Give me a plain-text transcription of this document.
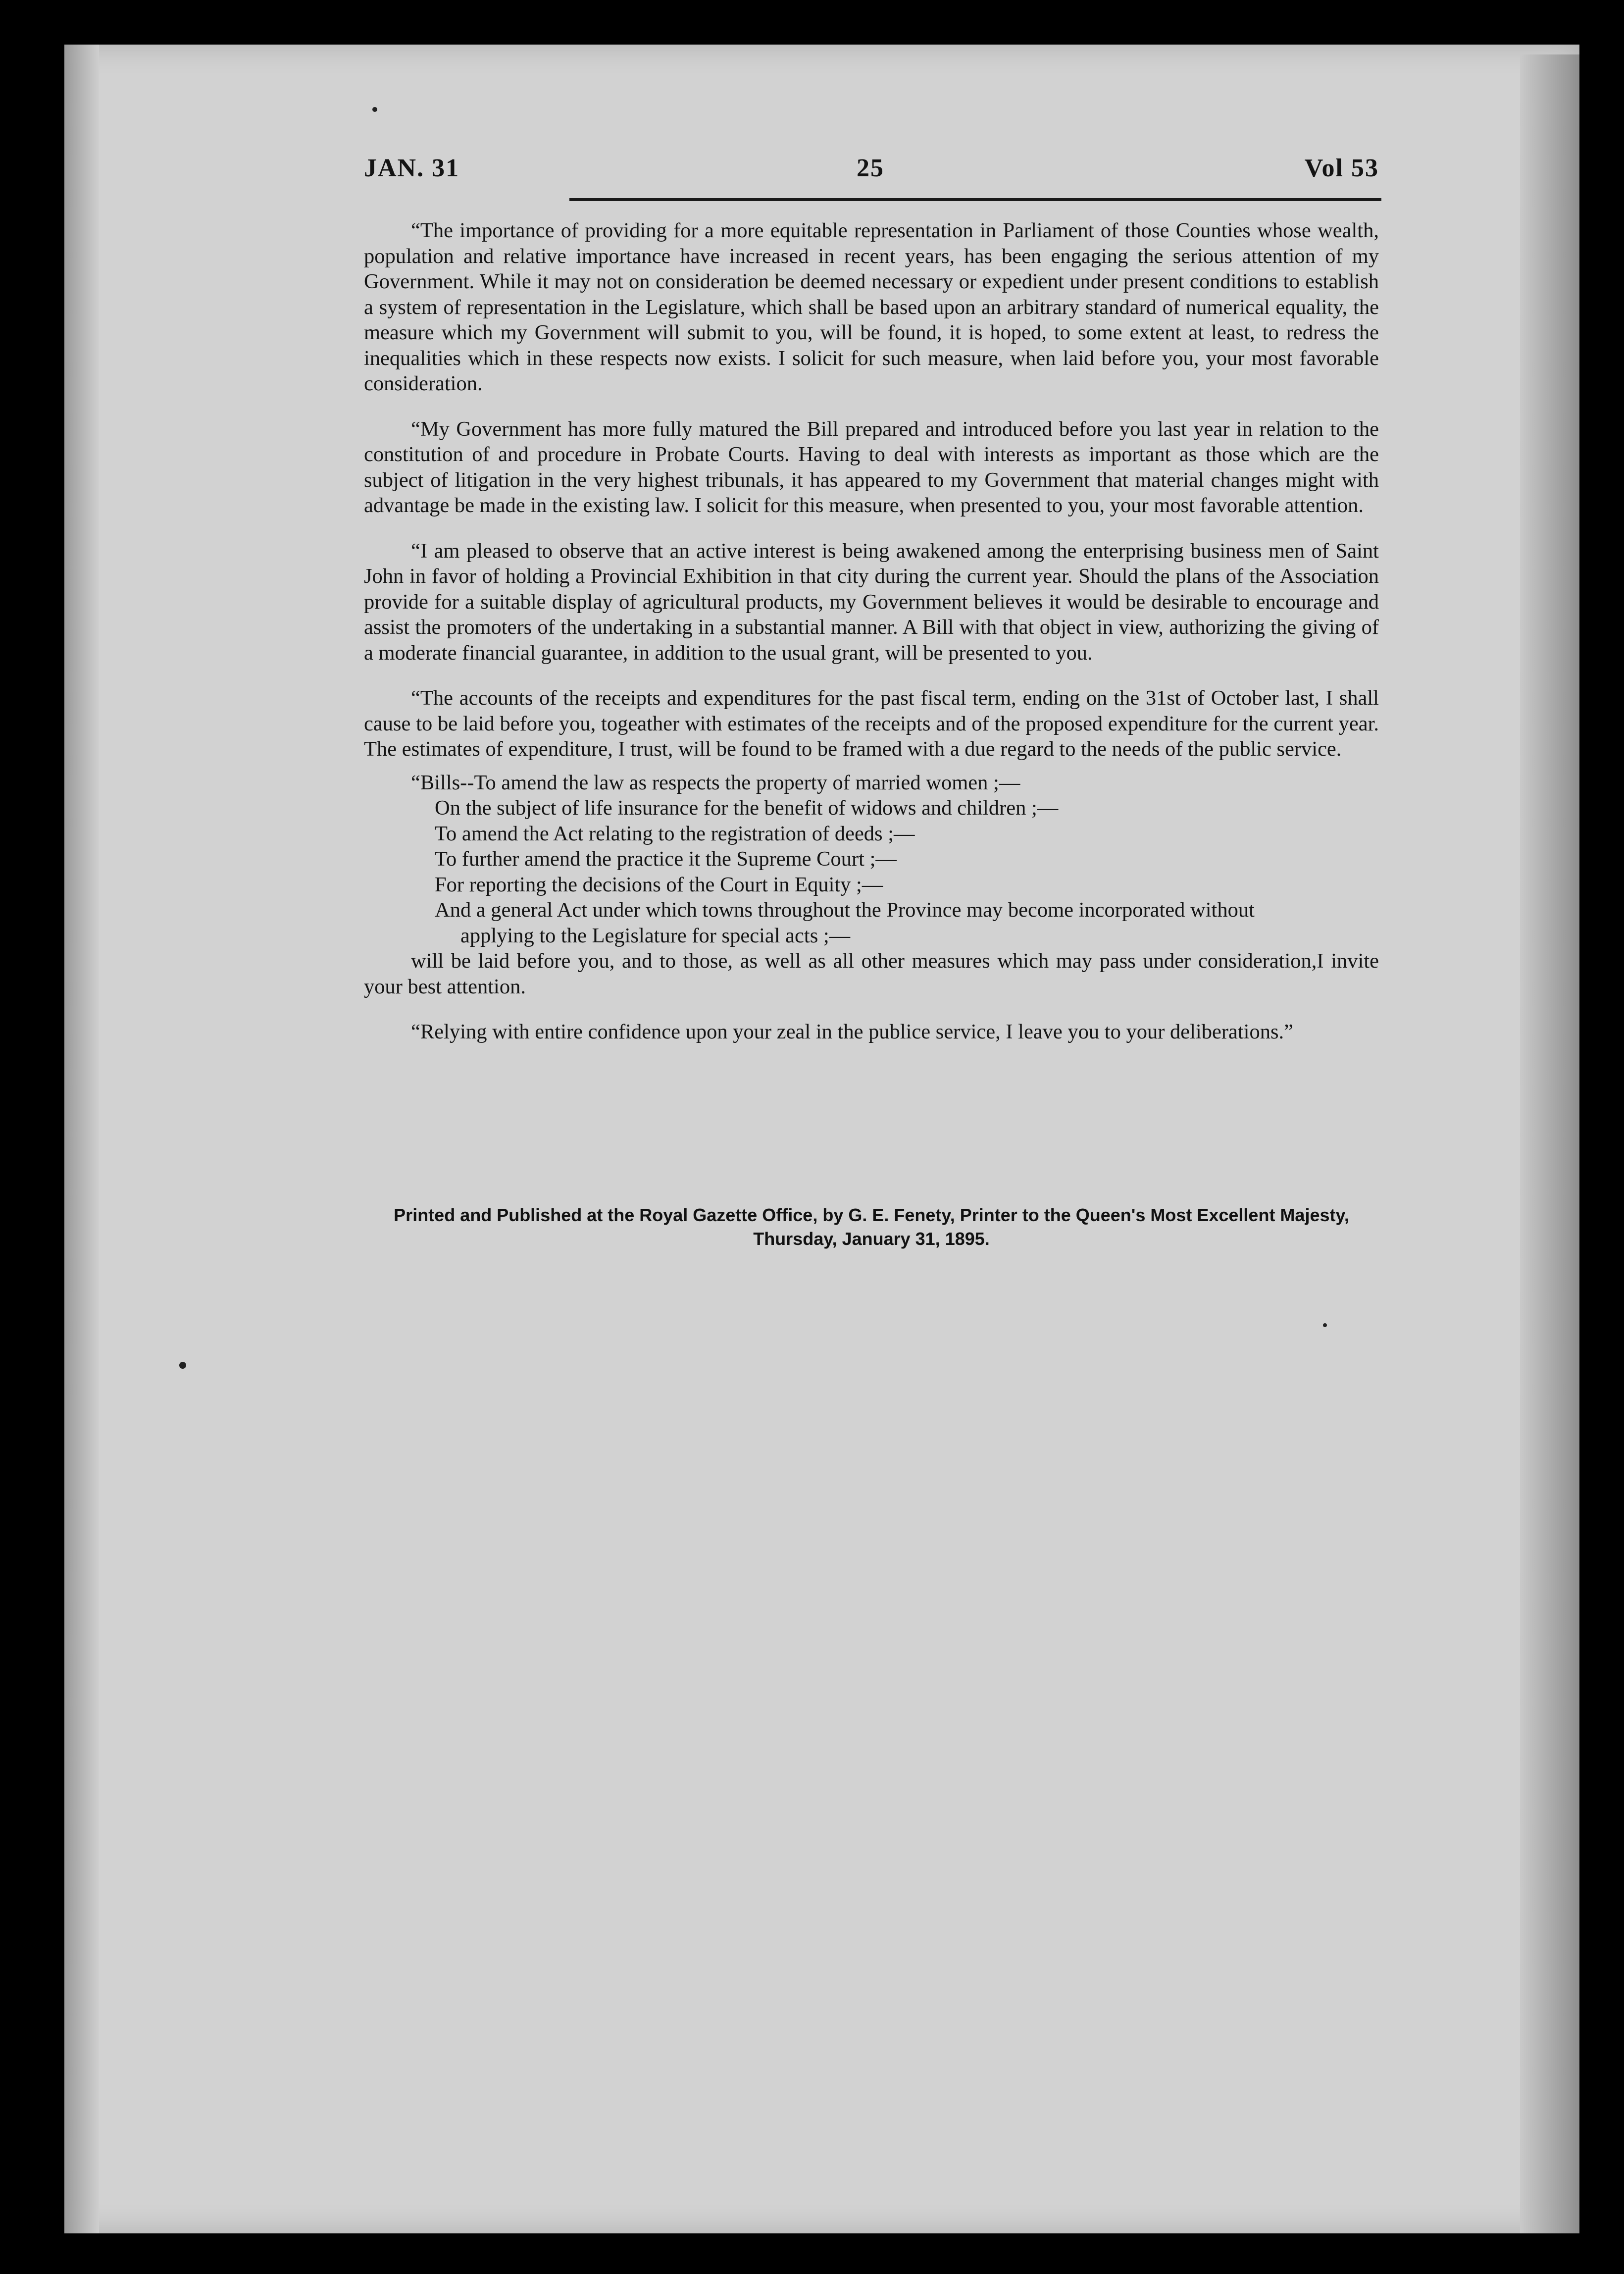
JAN. 31	25	Vol 53

“The importance of providing for a more equitable representation in Parliament of those Counties whose wealth, population and relative importance have increased in recent years, has been engaging the serious attention of my Government. While it may not on consideration be deemed necessary or expedient under present conditions to establish a system of representation in the Legislature, which shall be based upon an arbitrary standard of numerical equality, the measure which my Government will submit to you, will be found, it is hoped, to some extent at least, to redress the inequalities which in these respects now exists. I solicit for such measure, when laid before you, your most favorable consideration.

“My Government has more fully matured the Bill prepared and introduced before you last year in relation to the constitution of and procedure in Probate Courts. Having to deal with interests as important as those which are the subject of litigation in the very highest tribunals, it has appeared to my Government that material changes might with advantage be made in the existing law. I solicit for this measure, when presented to you, your most favorable attention.

“I am pleased to observe that an active interest is being awakened among the enterprising business men of Saint John in favor of holding a Provincial Exhibition in that city during the current year. Should the plans of the Association provide for a suitable display of agricultural products, my Government believes it would be desirable to encourage and assist the promoters of the undertaking in a substantial manner. A Bill with that object in view, authorizing the giving of a moderate financial guarantee, in addition to the usual grant, will be presented to you.

“The accounts of the receipts and expenditures for the past fiscal term, ending on the 31st of October last, I shall cause to be laid before you, togeather with estimates of the receipts and of the proposed expenditure for the current year. The estimates of expenditure, I trust, will be found to be framed with a due regard to the needs of the public service.

“Bills--To amend the law as respects the property of married women ;—

On the subject of life insurance for the benefit of widows and children ;—

To amend the Act relating to the registration of deeds ;—

To further amend the practice it the Supreme Court ;—

For reporting the decisions of the Court in Equity ;—

And a general Act under which towns throughout the Province may become incorporated without

applying to the Legislature for special acts ;—

will be laid before you, and to those, as well as all other measures which may pass under consideration,I invite your best attention.

“Relying with entire confidence upon your zeal in the publice service, I leave you to your deliberations.”

Printed and Published at the Royal Gazette Office, by G. E. Fenety, Printer to the Queen's Most Excellent Majesty,
Thursday, January 31, 1895.
